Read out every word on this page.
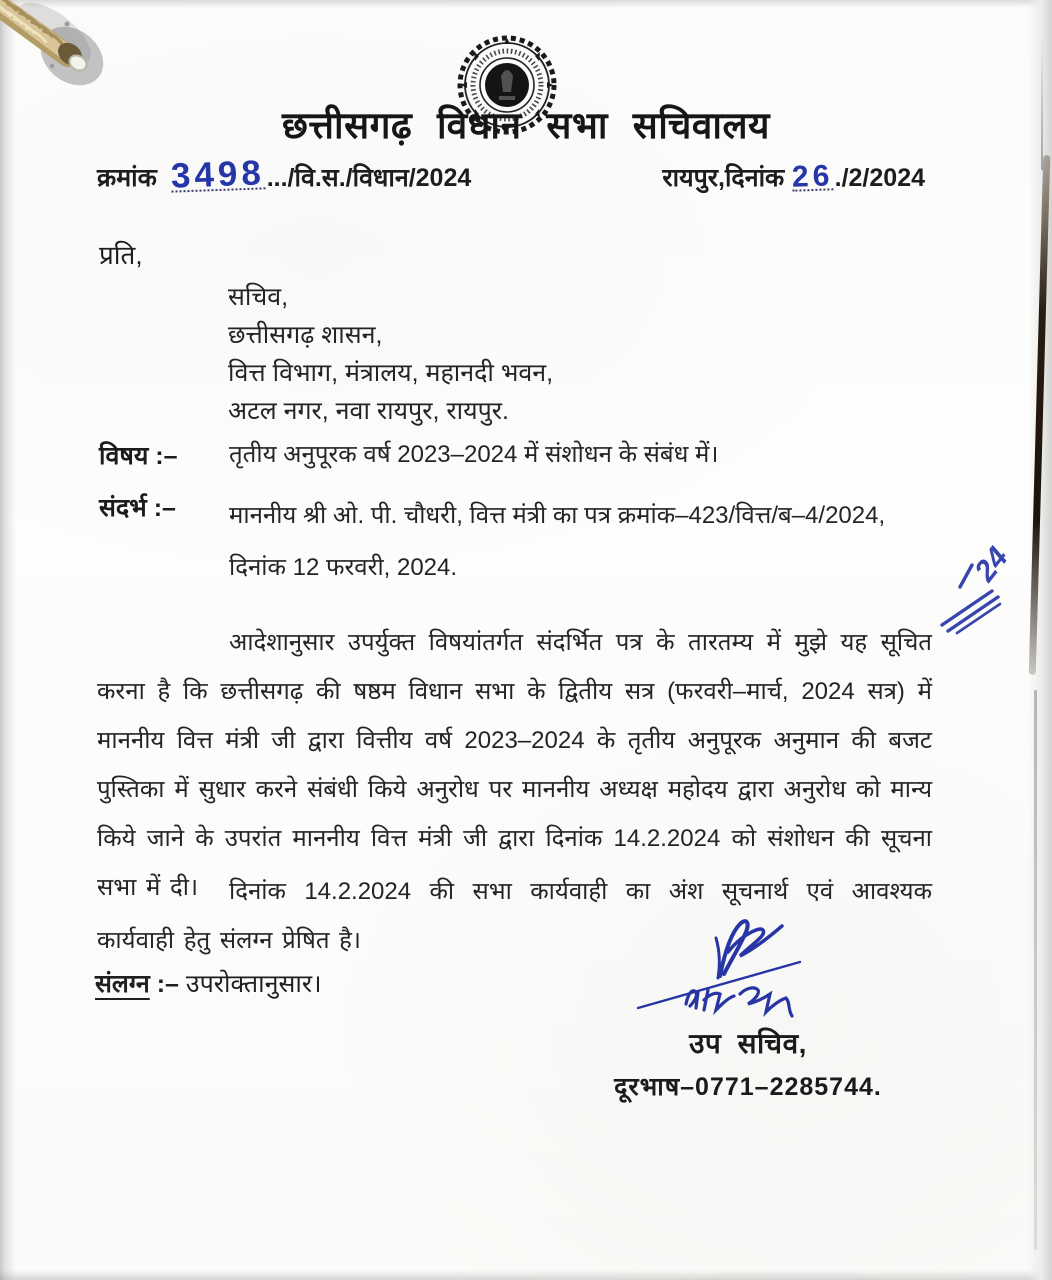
छत्तीसगढ़ विधान सभा सचिवालय
क्रमांक 3498 .../वि.स./विधान/2024	रायपुर,दिनांक 26 ./2/2024
प्रति,
सचिव,
छत्तीसगढ़ शासन,
वित्त विभाग, मंत्रालय, महानदी भवन,
अटल नगर, नवा रायपुर, रायपुर.
विषय :–	तृतीय अनुपूरक वर्ष 2023–2024 में संशोधन के संबंध में।
संदर्भ :–	माननीय श्री ओ. पी. चौधरी, वित्त मंत्री का पत्र क्रमांक–423/वित्त/ब–4/2024, दिनांक 12 फरवरी, 2024.

आदेशानुसार उपर्युक्त विषयांतर्गत संदर्भित पत्र के तारतम्य में मुझे यह सूचित करना है कि छत्तीसगढ़ की षष्ठम विधान सभा के द्वितीय सत्र (फरवरी–मार्च, 2024 सत्र) में माननीय वित्त मंत्री जी द्वारा वित्तीय वर्ष 2023–2024 के तृतीय अनुपूरक अनुमान की बजट पुस्तिका में सुधार करने संबंधी किये अनुरोध पर माननीय अध्यक्ष महोदय द्वारा अनुरोध को मान्य किये जाने के उपरांत माननीय वित्त मंत्री जी द्वारा दिनांक 14.2.2024 को संशोधन की सूचना सभा में दी।	दिनांक 14.2.2024 की सभा कार्यवाही का अंश सूचनार्थ एवं आवश्यक कार्यवाही हेतु संलग्न प्रेषित है।

संलग्न :– उपरोक्तानुसार।
उप सचिव,
दूरभाष–0771–2285744.
24
